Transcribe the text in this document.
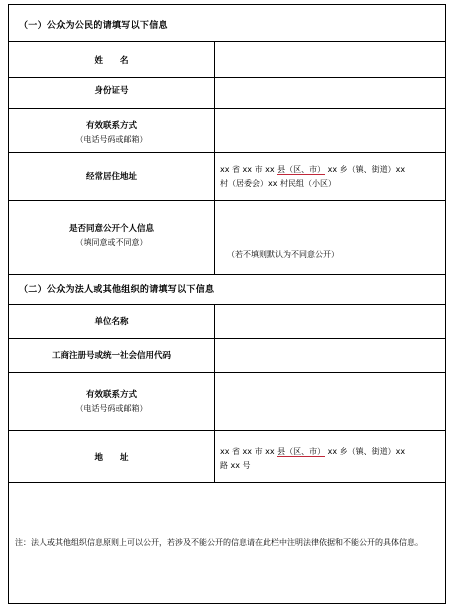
（一）公众为公民的请填写以下信息
姓　　名
身份证号
有效联系方式
（电话号码或邮箱）
经常居住地址
xx 省 xx 市 xx 县（区、市） xx 乡（镇、街道）xx
村（居委会）xx 村民组（小区）
是否同意公开个人信息
（填同意或不同意）
（若不填则默认为不同意公开）
（二）公众为法人或其他组织的请填写以下信息
单位名称
工商注册号或统一社会信用代码
有效联系方式
（电话号码或邮箱）
地　　址
xx 省 xx 市 xx 县（区、市） xx 乡（镇、街道）xx
路 xx 号
注：法人或其他组织信息原则上可以公开，若涉及不能公开的信息请在此栏中注明法律依据和不能公开的具体信息。
